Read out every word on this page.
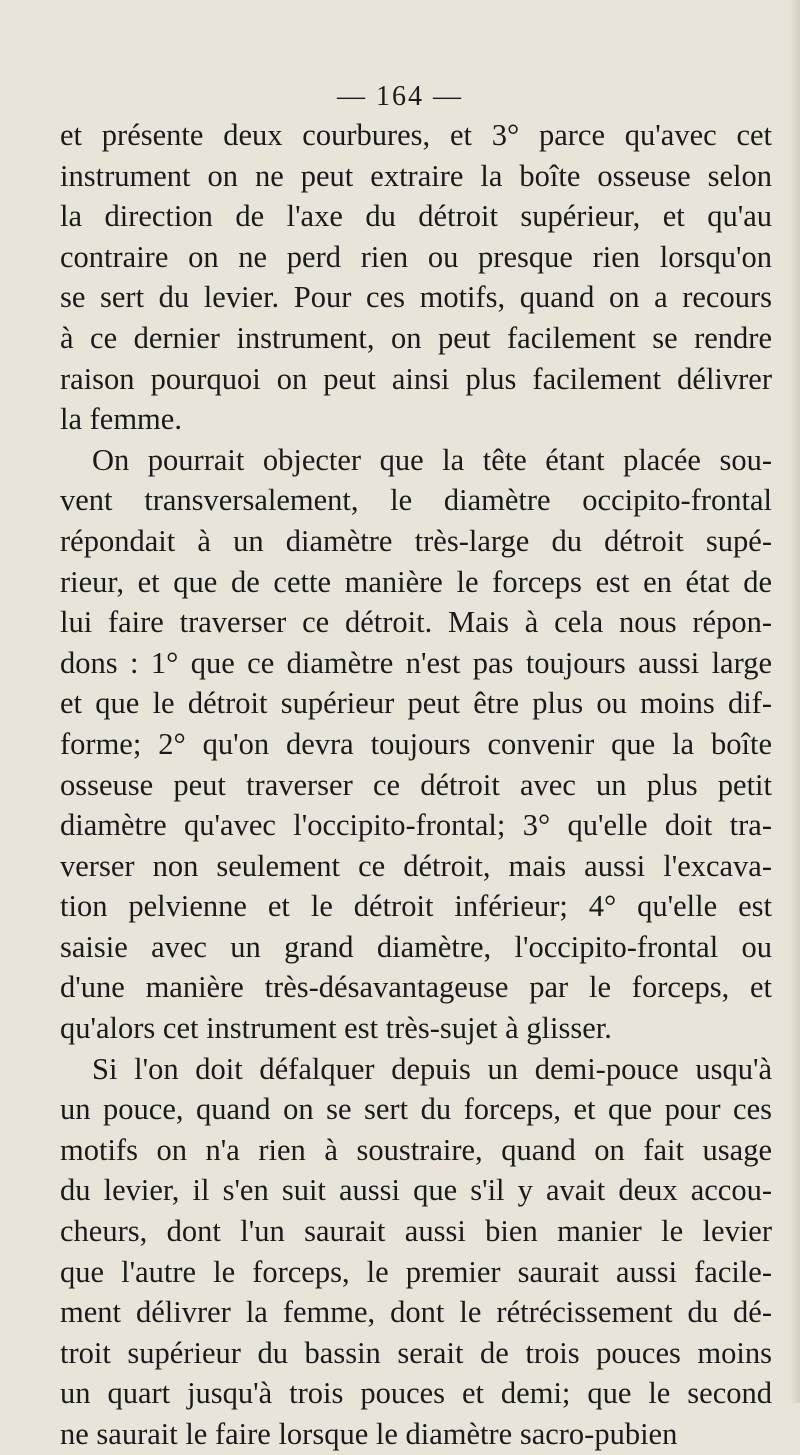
— 164 —
et présente deux courbures, et 3° parce qu'avec cet
instrument on ne peut extraire la boîte osseuse selon
la direction de l'axe du détroit supérieur, et qu'au
contraire on ne perd rien ou presque rien lorsqu'on
se sert du levier. Pour ces motifs, quand on a recours
à ce dernier instrument, on peut facilement se rendre
raison pourquoi on peut ainsi plus facilement délivrer
la femme.
On pourrait objecter que la tête étant placée sou-
vent transversalement, le diamètre occipito-frontal
répondait à un diamètre très-large du détroit supé-
rieur, et que de cette manière le forceps est en état de
lui faire traverser ce détroit. Mais à cela nous répon-
dons : 1° que ce diamètre n'est pas toujours aussi large
et que le détroit supérieur peut être plus ou moins dif-
forme; 2° qu'on devra toujours convenir que la boîte
osseuse peut traverser ce détroit avec un plus petit
diamètre qu'avec l'occipito-frontal; 3° qu'elle doit tra-
verser non seulement ce détroit, mais aussi l'excava-
tion pelvienne et le détroit inférieur; 4° qu'elle est
saisie avec un grand diamètre, l'occipito-frontal ou
d'une manière très-désavantageuse par le forceps, et
qu'alors cet instrument est très-sujet à glisser.
Si l'on doit défalquer depuis un demi-pouce usqu'à
un pouce, quand on se sert du forceps, et que pour ces
motifs on n'a rien à soustraire, quand on fait usage
du levier, il s'en suit aussi que s'il y avait deux accou-
cheurs, dont l'un saurait aussi bien manier le levier
que l'autre le forceps, le premier saurait aussi facile-
ment délivrer la femme, dont le rétrécissement du dé-
troit supérieur du bassin serait de trois pouces moins
un quart jusqu'à trois pouces et demi; que le second
ne saurait le faire lorsque le diamètre sacro-pubien
